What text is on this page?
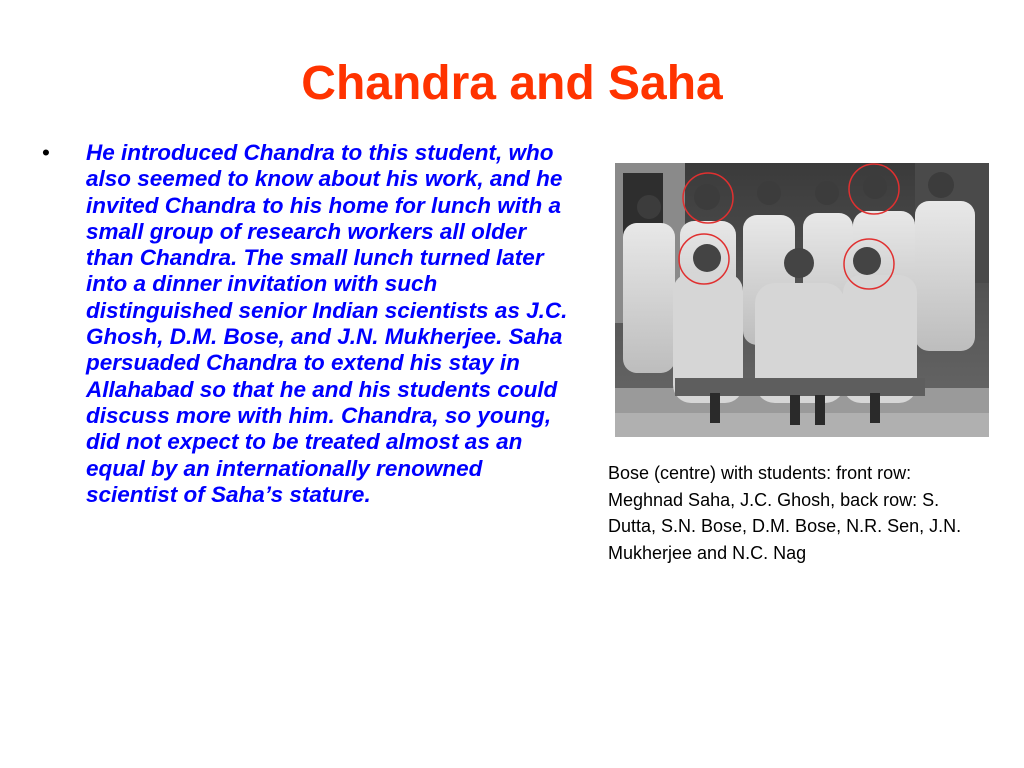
Chandra and Saha
• He introduced Chandra to this student, who also seemed to know about his work, and he invited Chandra to his home for lunch with a small group of research workers all older than Chandra. The small lunch turned later into a dinner invitation with such distinguished senior Indian scientists as J.C. Ghosh, D.M. Bose, and J.N. Mukherjee. Saha persuaded Chandra to extend his stay in Allahabad so that he and his students could discuss more with him. Chandra, so young, did not expect to be treated almost as an equal by an internationally renowned scientist of Saha’s stature.

Bose (centre) with students: front row: Meghnad Saha, J.C. Ghosh, back row: S. Dutta, S.N. Bose, D.M. Bose, N.R. Sen, J.N. Mukherjee and N.C. Nag
